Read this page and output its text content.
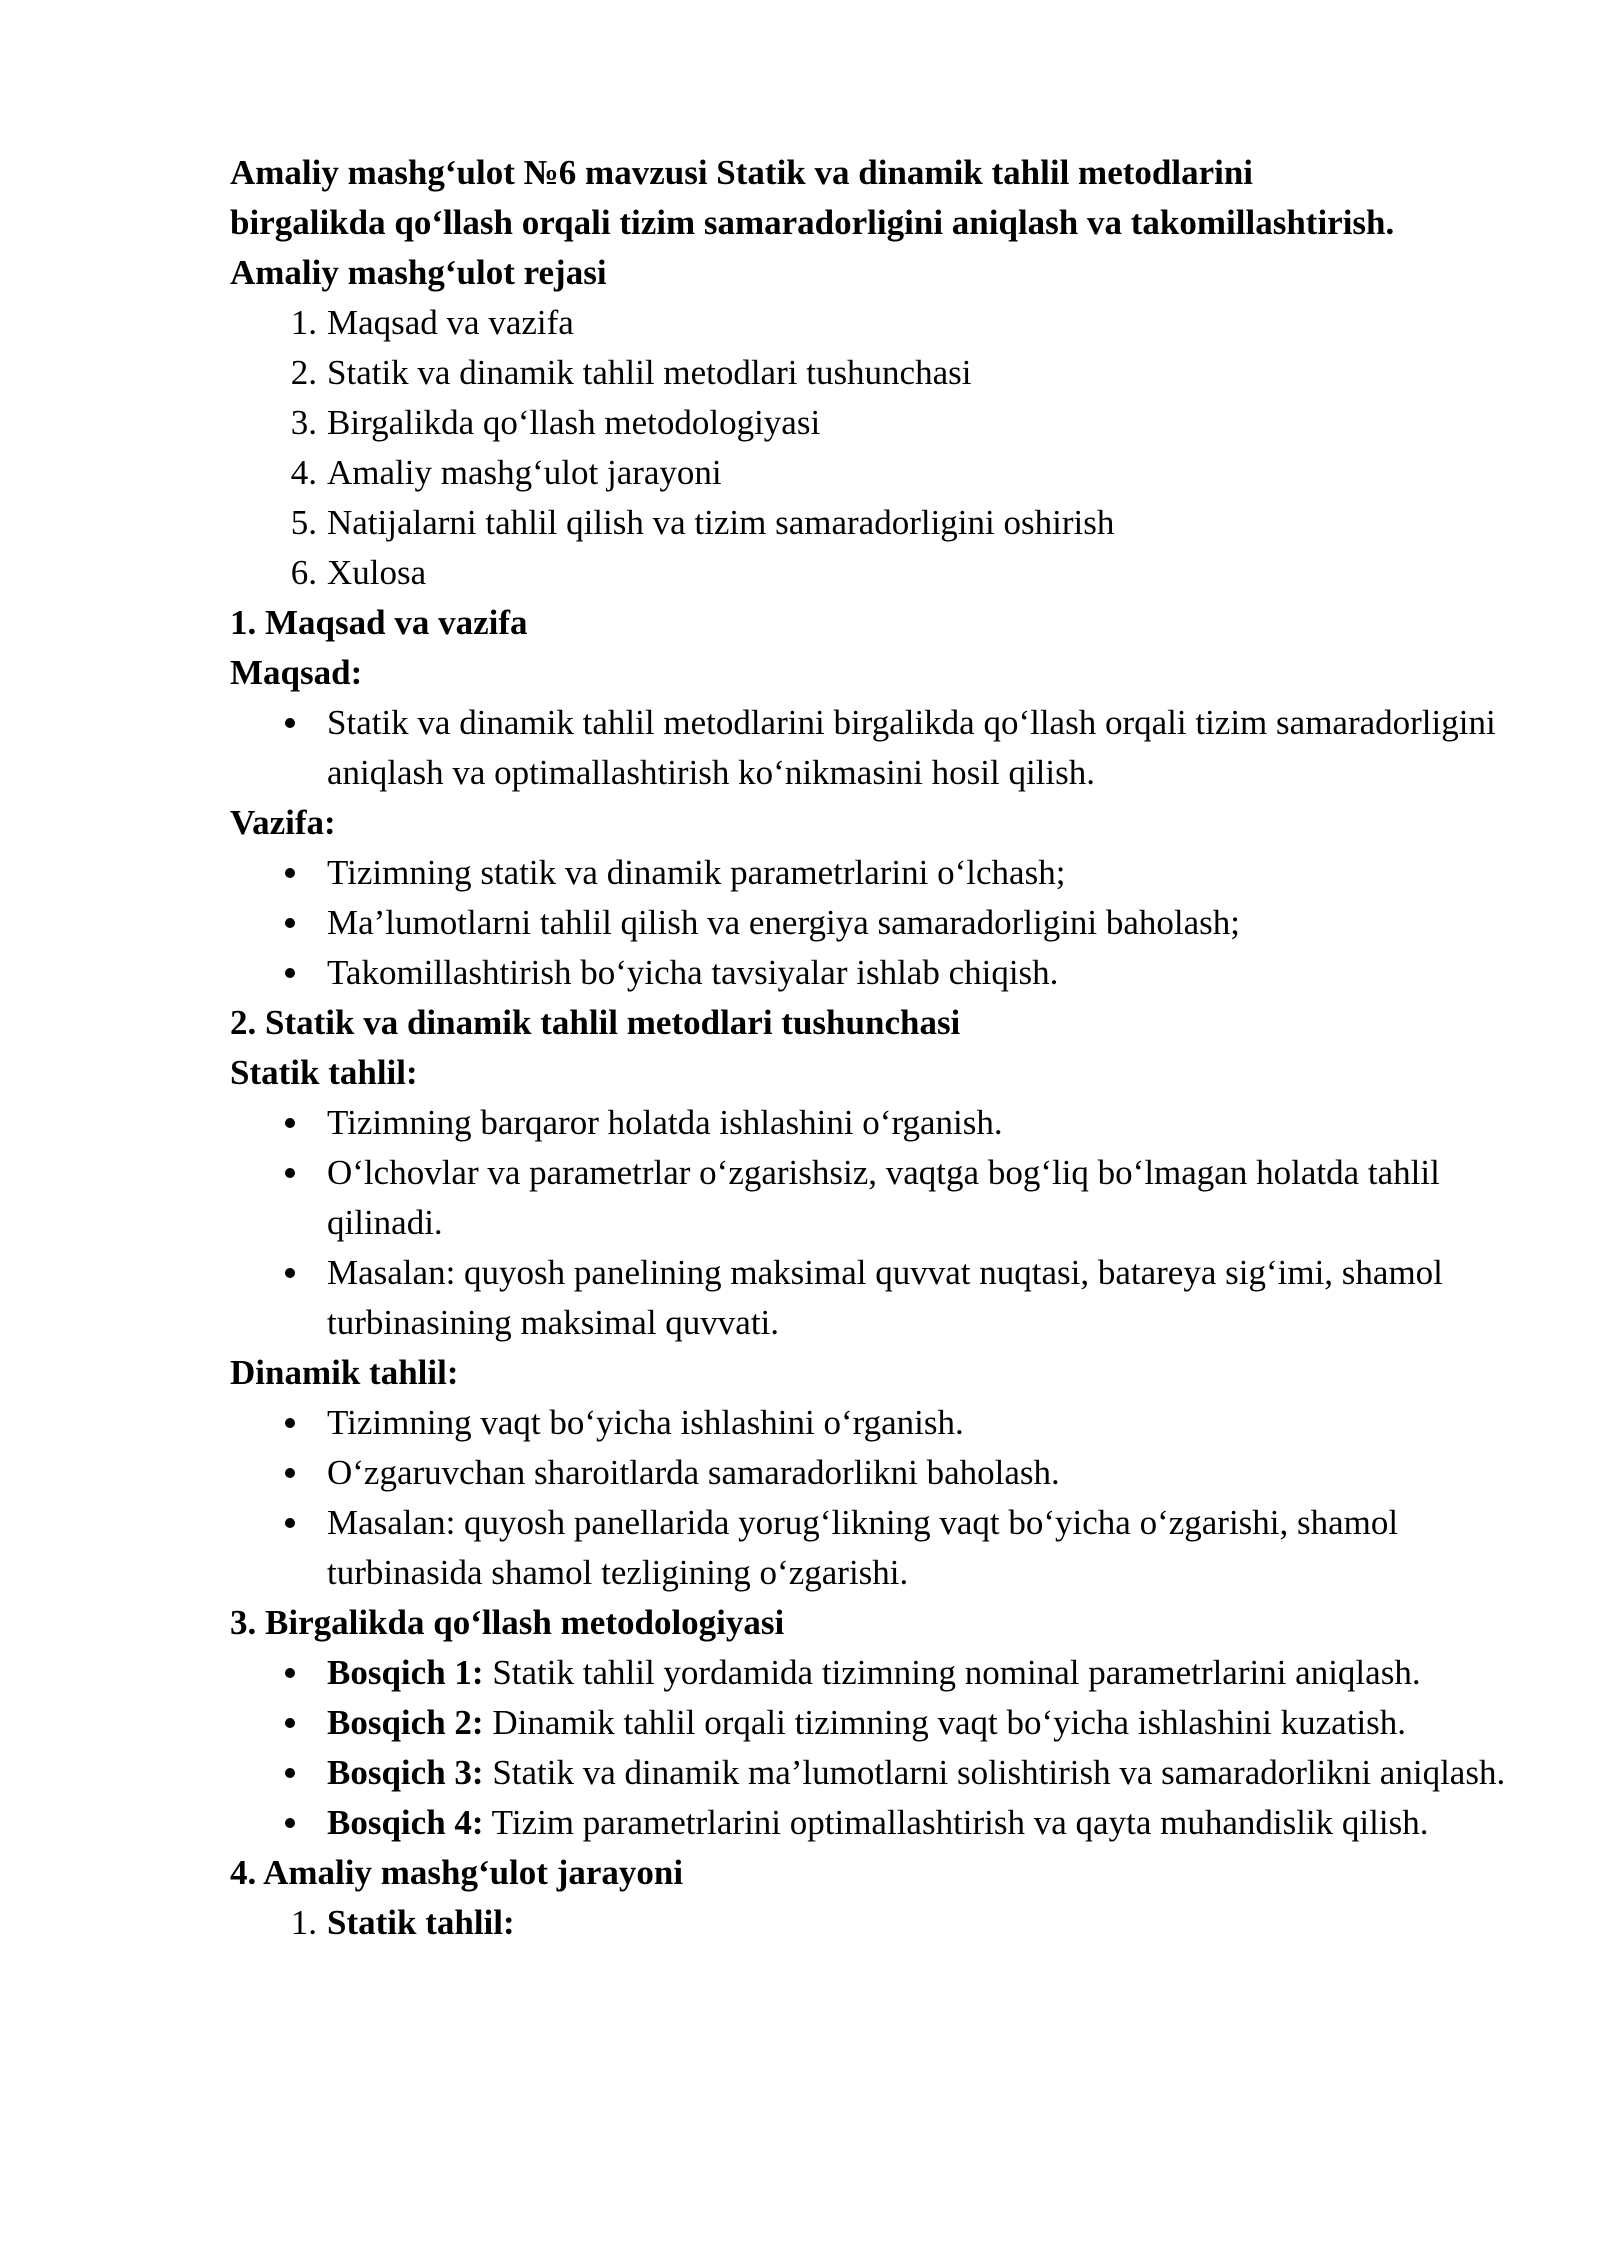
Amaliy mashg‘ulot №6 mavzusi Statik va dinamik tahlil metodlarini
birgalikda qo‘llash orqali tizim samaradorligini aniqlash va takomillashtirish.
Amaliy mashg‘ulot rejasi
1. Maqsad va vazifa
2. Statik va dinamik tahlil metodlari tushunchasi
3. Birgalikda qo‘llash metodologiyasi
4. Amaliy mashg‘ulot jarayoni
5. Natijalarni tahlil qilish va tizim samaradorligini oshirish
6. Xulosa
1. Maqsad va vazifa
Maqsad:
Statik va dinamik tahlil metodlarini birgalikda qo‘llash orqali tizim samaradorligini aniqlash va optimallashtirish ko‘nikmasini hosil qilish.
Vazifa:
Tizimning statik va dinamik parametrlarini o‘lchash;
Ma’lumotlarni tahlil qilish va energiya samaradorligini baholash;
Takomillashtirish bo‘yicha tavsiyalar ishlab chiqish.
2. Statik va dinamik tahlil metodlari tushunchasi
Statik tahlil:
Tizimning barqaror holatda ishlashini o‘rganish.
O‘lchovlar va parametrlar o‘zgarishsiz, vaqtga bog‘liq bo‘lmagan holatda tahlil qilinadi.
Masalan: quyosh panelining maksimal quvvat nuqtasi, batareya sig‘imi, shamol turbinasining maksimal quvvati.
Dinamik tahlil:
Tizimning vaqt bo‘yicha ishlashini o‘rganish.
O‘zgaruvchan sharoitlarda samaradorlikni baholash.
Masalan: quyosh panellarida yorug‘likning vaqt bo‘yicha o‘zgarishi, shamol turbinasida shamol tezligining o‘zgarishi.
3. Birgalikda qo‘llash metodologiyasi
Bosqich 1: Statik tahlil yordamida tizimning nominal parametrlarini aniqlash.
Bosqich 2: Dinamik tahlil orqali tizimning vaqt bo‘yicha ishlashini kuzatish.
Bosqich 3: Statik va dinamik ma’lumotlarni solishtirish va samaradorlikni aniqlash.
Bosqich 4: Tizim parametrlarini optimallashtirish va qayta muhandislik qilish.
4. Amaliy mashg‘ulot jarayoni
1. Statik tahlil:
